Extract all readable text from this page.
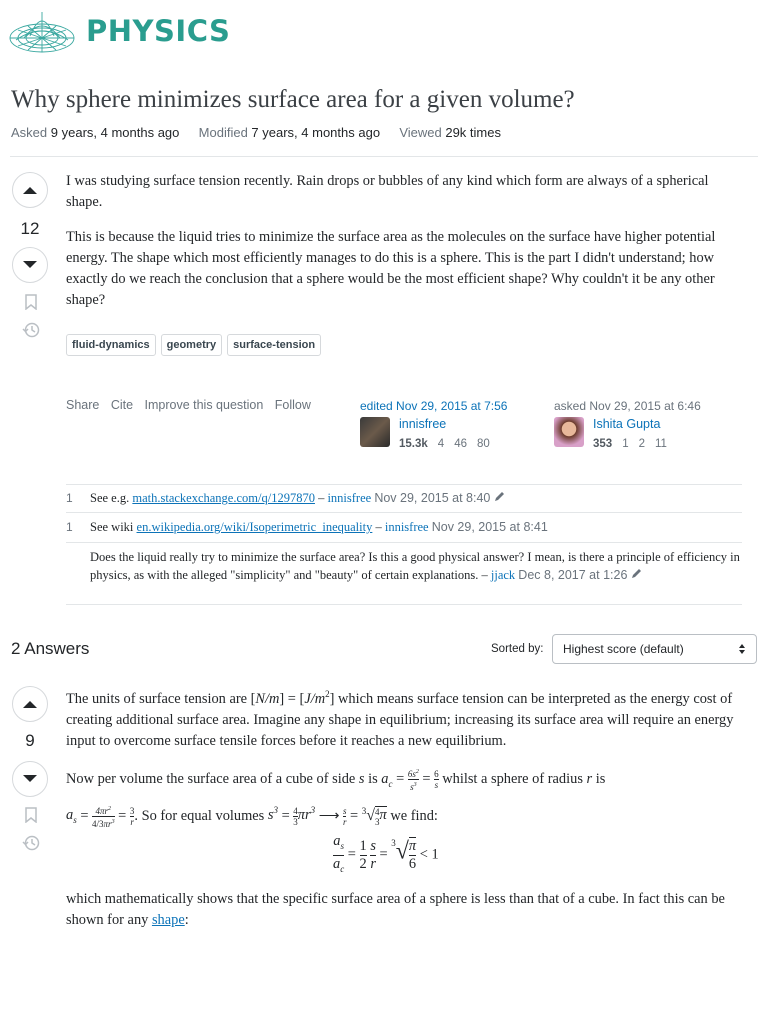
PHYSICS
Why sphere minimizes surface area for a given volume?
Asked 9 years, 4 months ago Modified 7 years, 4 months ago Viewed 29k times
12

I was studying surface tension recently. Rain drops or bubbles of any kind which form are always of a spherical shape.

This is because the liquid tries to minimize the surface area as the molecules on the surface have higher potential energy. The shape which most efficiently manages to do this is a sphere. This is the part I didn't understand; how exactly do we reach the conclusion that a sphere would be the most efficient shape? Why couldn't it be any other shape?

fluid-dynamics geometry surface-tension
Share Cite Improve this question Follow	edited Nov 29, 2015 at 7:56
innisfree
15.3k 4 46 80
asked Nov 29, 2015 at 6:46
Ishita Gupta
353 1 2 11
1 See e.g. math.stackexchange.com/q/1297870 – innisfree Nov 29, 2015 at 8:40
1 See wiki en.wikipedia.org/wiki/Isoperimetric_inequality – innisfree Nov 29, 2015 at 8:41
Does the liquid really try to minimize the surface area? Is this a good physical answer? I mean, is there a principle of efficiency in physics, as with the alleged "simplicity" and "beauty" of certain explanations. – jjack Dec 8, 2017 at 1:26
2 Answers	Sorted by: Highest score (default)
9

The units of surface tension are $[N/m] = [J/m^2]$ which means surface tension can be interpreted as the energy cost of creating additional surface area. Imagine any shape in equilibrium; increasing its surface area will require an energy input to overcome surface tensile forces before it reaches a new equilibrium.

Now per volume the surface area of a cube of side s is $a_c = \frac{6s^2}{s^3} = \frac{6}{s}$ whilst a sphere of radius r is
$a_s = \frac{4\pi r^2}{4/3\pi r^3} = \frac{3}{r}$ . So for equal volumes $s^3 = \frac{4}{3} \pi r^3$ ⟶ $\frac{s}{r} = ^3√$ 4
3 π we find:
$\frac{a_s}{a_c} = \frac{1}{2}$
$\frac{s}{r} = ^3√ \frac{\pi}{6} < 1$
which mathematically shows that the specific surface area of a sphere is less than that of a cube. In fact this can be shown for any shape:
